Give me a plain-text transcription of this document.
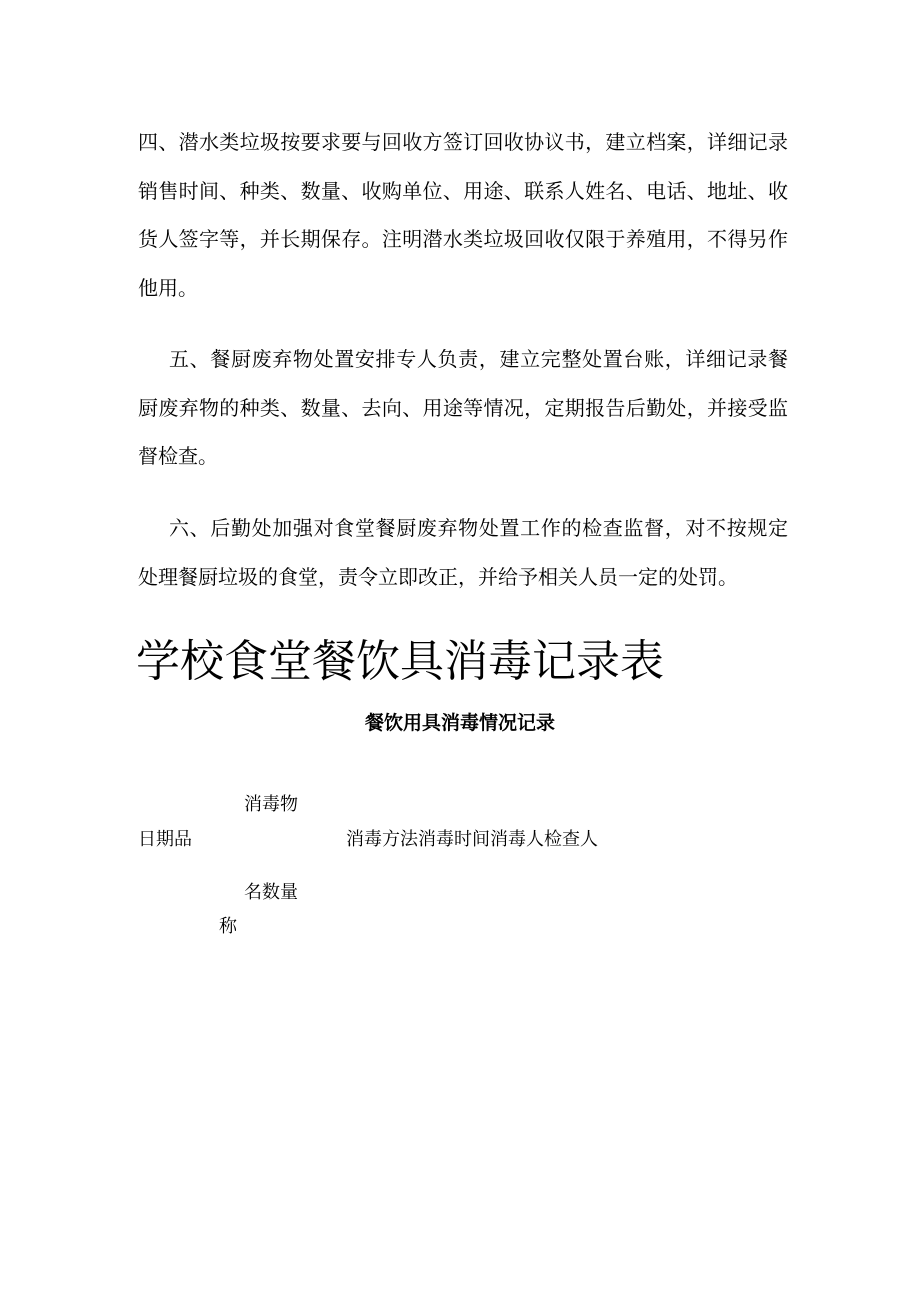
四、潜水类垃圾按要求要与回收方签订回收协议书，建立档案，详细记录销售时间、种类、数量、收购单位、用途、联系人姓名、电话、地址、收货人签字等，并长期保存。注明潜水类垃圾回收仅限于养殖用，不得另作他用。

五、餐厨废弃物处置安排专人负责，建立完整处置台账，详细记录餐厨废弃物的种类、数量、去向、用途等情况，定期报告后勤处，并接受监督检查。

六、后勤处加强对食堂餐厨废弃物处置工作的检查监督，对不按规定处理餐厨垃圾的食堂，责令立即改正，并给予相关人员一定的处罚。

学校食堂餐饮具消毒记录表
餐饮用具消毒情况记录
消毒物
日期品	消毒方法消毒时间消毒人检查人
名数量
称
